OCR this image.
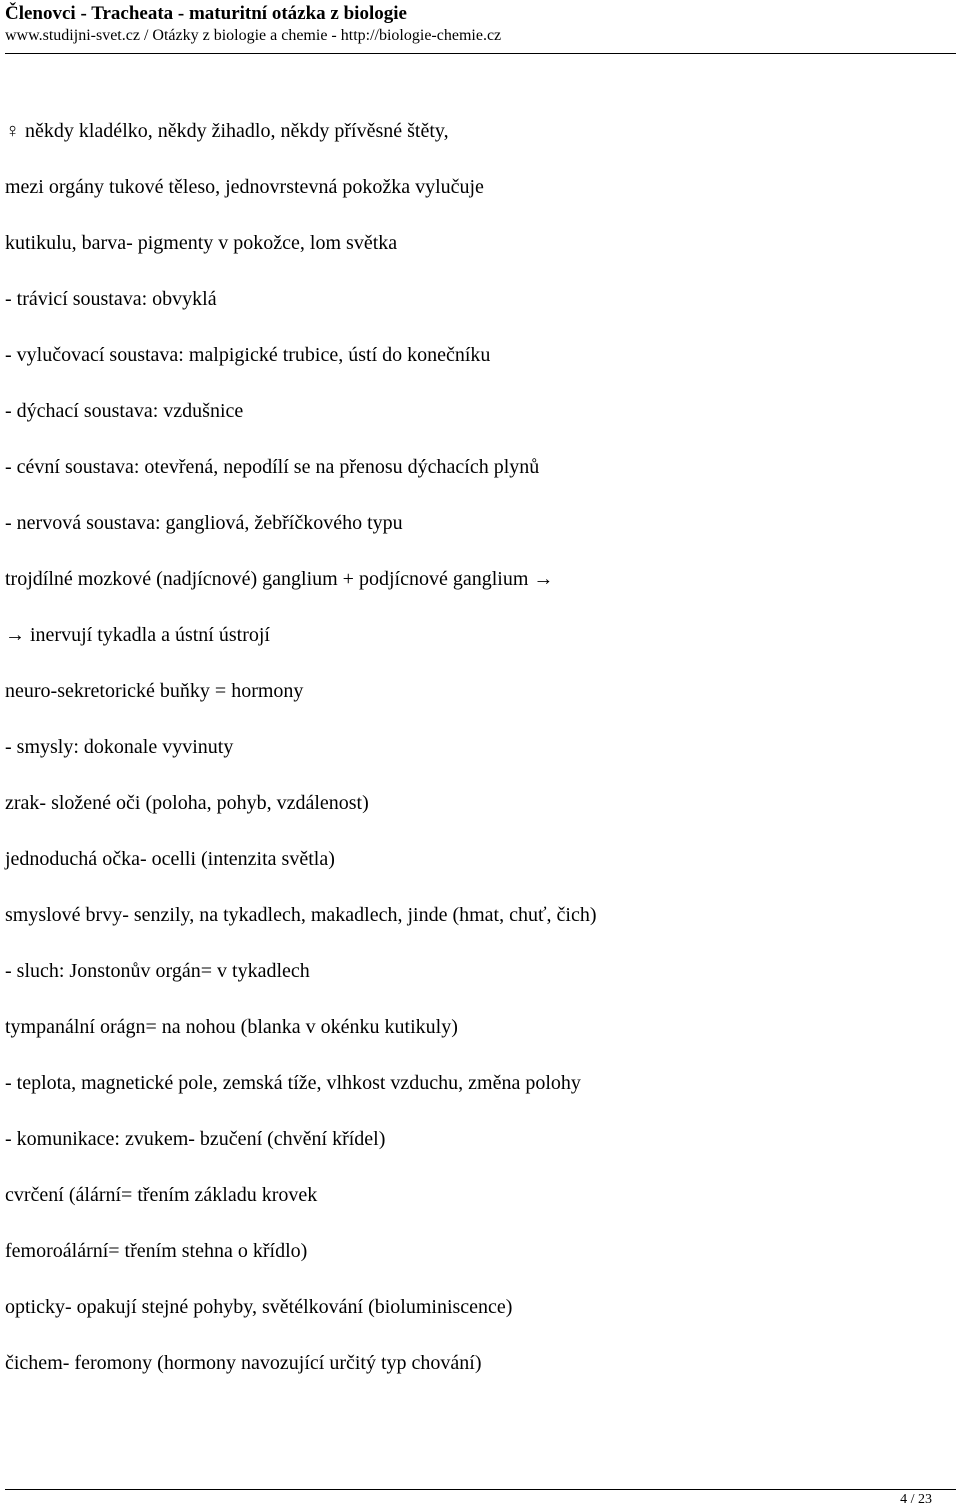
Členovci - Tracheata - maturitní otázka z biologie
www.studijni-svet.cz / Otázky z biologie a chemie - http://biologie-chemie.cz
♀ někdy kladélko, někdy žihadlo, někdy přívěsné štěty,
mezi orgány tukové těleso, jednovrstevná pokožka vylučuje
kutikulu, barva- pigmenty v pokožce, lom světka
- trávicí soustava: obvyklá
- vylučovací soustava: malpigické trubice, ústí do konečníku
- dýchací soustava: vzdušnice
- cévní soustava: otevřená, nepodílí se na přenosu dýchacích plynů
- nervová soustava: gangliová, žebříčkového typu
trojdílné mozkové (nadjícnové) ganglium + podjícnové ganglium →
→ inervují tykadla a ústní ústrojí
neuro-sekretorické buňky = hormony
- smysly: dokonale vyvinuty
zrak- složené oči (poloha, pohyb, vzdálenost)
jednoduchá očka- ocelli (intenzita světla)
smyslové brvy- senzily, na tykadlech, makadlech, jinde (hmat, chuť, čich)
- sluch: Jonstonův orgán= v tykadlech
tympanální orágn= na nohou (blanka v okénku kutikuly)
- teplota, magnetické pole, zemská tíže, vlhkost vzduchu, změna polohy
- komunikace: zvukem- bzučení (chvění křídel)
cvrčení (álární= třením základu krovek
femoroálární= třením stehna o křídlo)
opticky- opakují stejné pohyby, světélkování (bioluminiscence)
čichem- feromony (hormony navozující určitý typ chování)
4 / 23
